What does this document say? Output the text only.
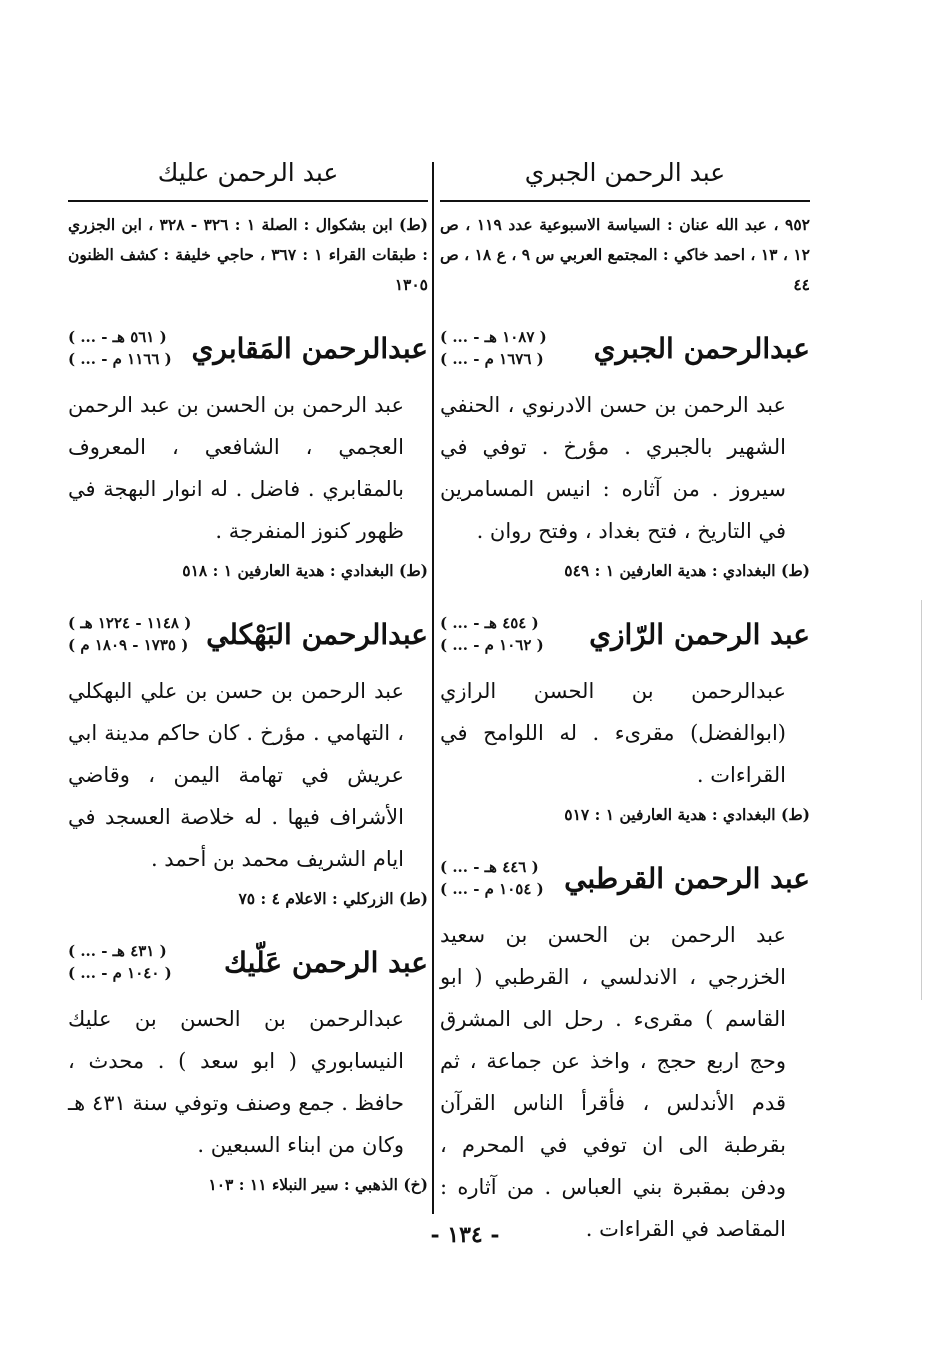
عبد الرحمن الجبري
٩٥٢ ، عبد الله عنان : السياسة الاسبوعية عدد ١١٩ ، ص ١٢ ، ١٣ ، احمد خاكي : المجتمع العربي س ٩ ، ع ١٨ ، ص ٤٤
عبدالرحمن الجبري
( ... - ١٠٨٧ هـ )
( ... - ١٦٧٦ م )
عبد الرحمن بن حسن الادرنوي ، الحنفي الشهير بالجبري . مؤرخ . توفي في سيروز . من آثاره : انيس المسامرين في التاريخ ، فتح بغداد ، وفتح روان .
(ط) البغدادي : هدية العارفين ١ : ٥٤٩
عبد الرحمن الرّازي
( ... - ٤٥٤ هـ )
( ... - ١٠٦٢ م )
عبدالرحمن بن الحسن الرازي (ابوالفضل) مقرىء . له اللوامح في القراءات .
(ط) البغدادي : هدية العارفين ١ : ٥١٧
عبد الرحمن القرطبي
( ... - ٤٤٦ هـ )
( ... - ١٠٥٤ م )
عبد الرحمن بن الحسن بن سعيد الخزرجي ، الاندلسي ، القرطبي ( ابو القاسم ) مقرىء . رحل الى المشرق وحج اربع حجج ، واخذ عن جماعة ، ثم قدم الأندلس ، فأقرأ الناس القرآن بقرطبة الى ان توفي في المحرم ، ودفن بمقبرة بني العباس . من آثاره : المقاصد في القراءات .
عبد الرحمن عليك
(ط) ابن بشكوال : الصلة ١ : ٣٢٦ - ٣٢٨ ، ابن الجزري : طبقات القراء ١ : ٣٦٧ ، حاجي خليفة : كشف الظنون ١٣٠٥
عبدالرحمن المَقابري
( ... - ٥٦١ هـ )
( ... - ١١٦٦ م )
عبد الرحمن بن الحسن بن عبد الرحمن العجمي ، الشافعي ، المعروف بالمقابري . فاضل . له انوار البهجة في ظهور كنوز المنفرجة .
(ط) البغدادي : هدية العارفين ١ : ٥١٨
عبدالرحمن البَهْكلي
( ١١٤٨ - ١٢٢٤ هـ )
( ١٧٣٥ - ١٨٠٩ م )
عبد الرحمن بن حسن بن علي البهكلي ، التهامي . مؤرخ . كان حاكم مدينة ابي عريش في تهامة اليمن ، وقاضي الأشراف فيها . له خلاصة العسجد في ايام الشريف محمد بن أحمد .
(ط) الزركلي : الاعلام ٤ : ٧٥
عبد الرحمن عَلّيك
( ... - ٤٣١ هـ )
( ... - ١٠٤٠ م )
عبدالرحمن بن الحسن بن عليك النيسابوري ( ابو سعد ) . محدث ، حافظ . جمع وصنف وتوفي سنة ٤٣١ هـ وكان من ابناء السبعين .
(خ) الذهبي : سير النبلاء ١١ : ١٠٣
- ١٣٤ -
